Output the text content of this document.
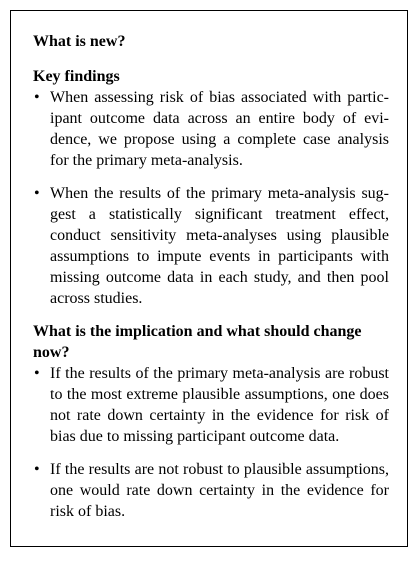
What is new?

Key findings

• When assessing risk of bias associated with participant outcome data across an entire body of evidence, we propose using a complete case analysis for the primary meta-analysis.
• When the results of the primary meta-analysis suggest a statistically significant treatment effect, conduct sensitivity meta-analyses using plausible assumptions to impute events in participants with missing outcome data in each study, and then pool across studies.

What is the implication and what should change now?

• If the results of the primary meta-analysis are robust to the most extreme plausible assumptions, one does not rate down certainty in the evidence for risk of bias due to missing participant outcome data.
• If the results are not robust to plausible assumptions, one would rate down certainty in the evidence for risk of bias.
